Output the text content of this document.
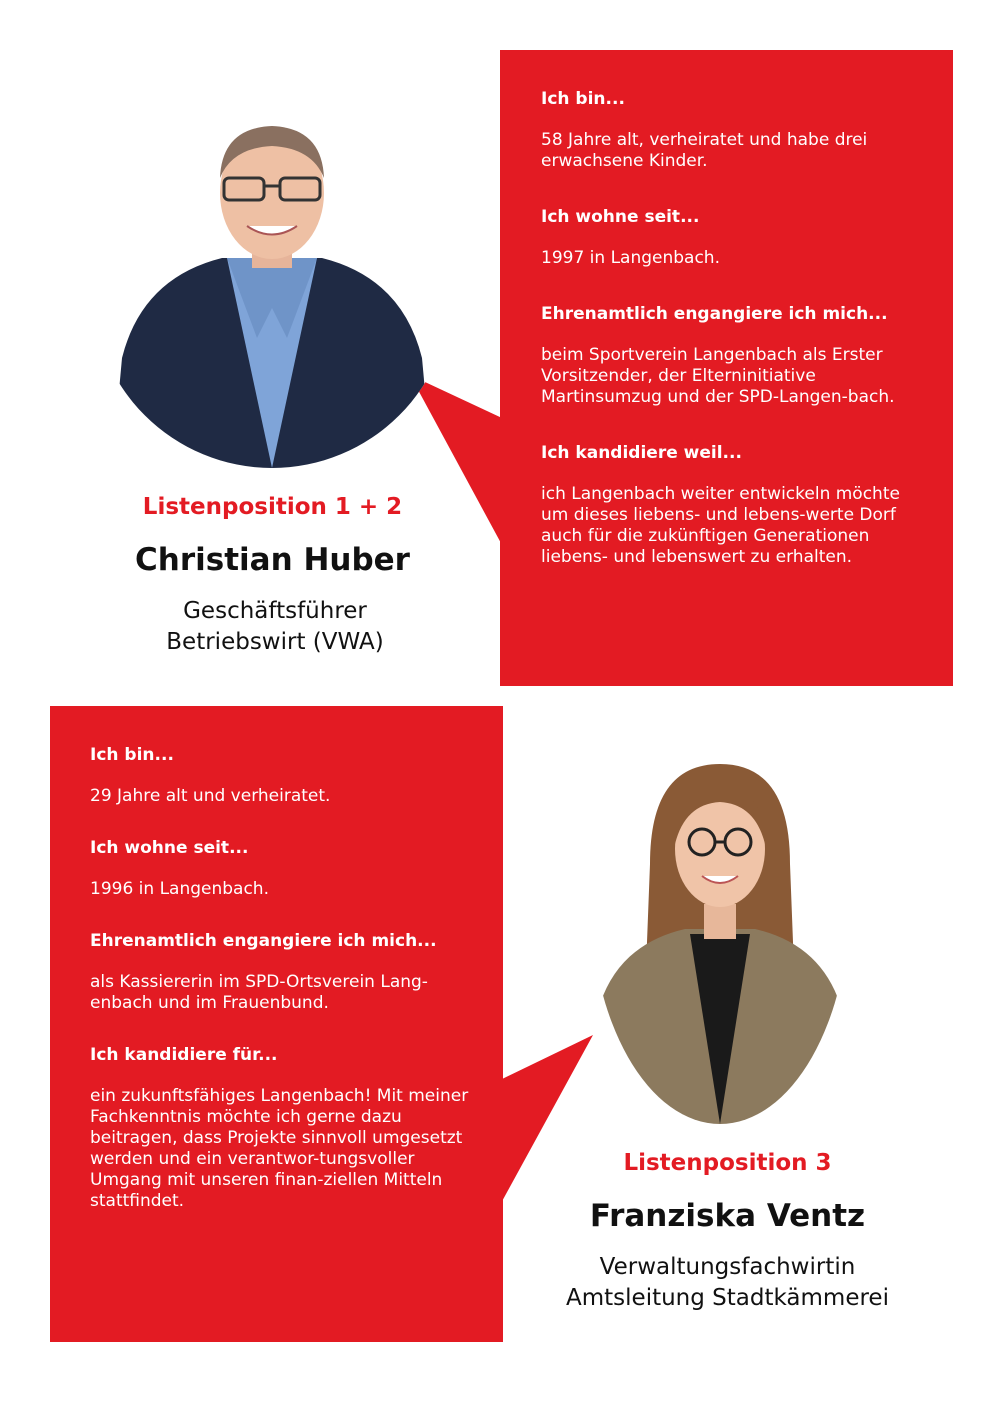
Ich bin...

58 Jahre alt, verheiratet und habe drei erwachsene Kinder.

Ich wohne seit...

1997 in Langenbach.

Ehrenamtlich engangiere ich mich...

beim Sportverein Langenbach als Erster Vorsitzender, der Elterninitiative Martinsumzug und der SPD-Langen-bach.

Ich kandidiere weil...

ich Langenbach weiter entwickeln möchte um dieses liebens- und lebens-werte Dorf auch für die zukünftigen Generationen liebens- und lebenswert zu erhalten.

Listenposition 1 + 2
Christian Huber
Geschäftsführer
Betriebswirt (VWA)

Ich bin...

29 Jahre alt und verheiratet.

Ich wohne seit...

1996 in Langenbach.

Ehrenamtlich engangiere ich mich...

als Kassiererin im SPD-Ortsverein Lang-enbach und im Frauenbund.

Ich kandidiere für...

ein zukunftsfähiges Langenbach! Mit meiner Fachkenntnis möchte ich gerne dazu beitragen, dass Projekte sinnvoll umgesetzt werden und ein verantwor-tungsvoller Umgang mit unseren finan-ziellen Mitteln stattfindet.

Listenposition 3
Franziska Ventz
Verwaltungsfachwirtin
Amtsleitung Stadtkämmerei
